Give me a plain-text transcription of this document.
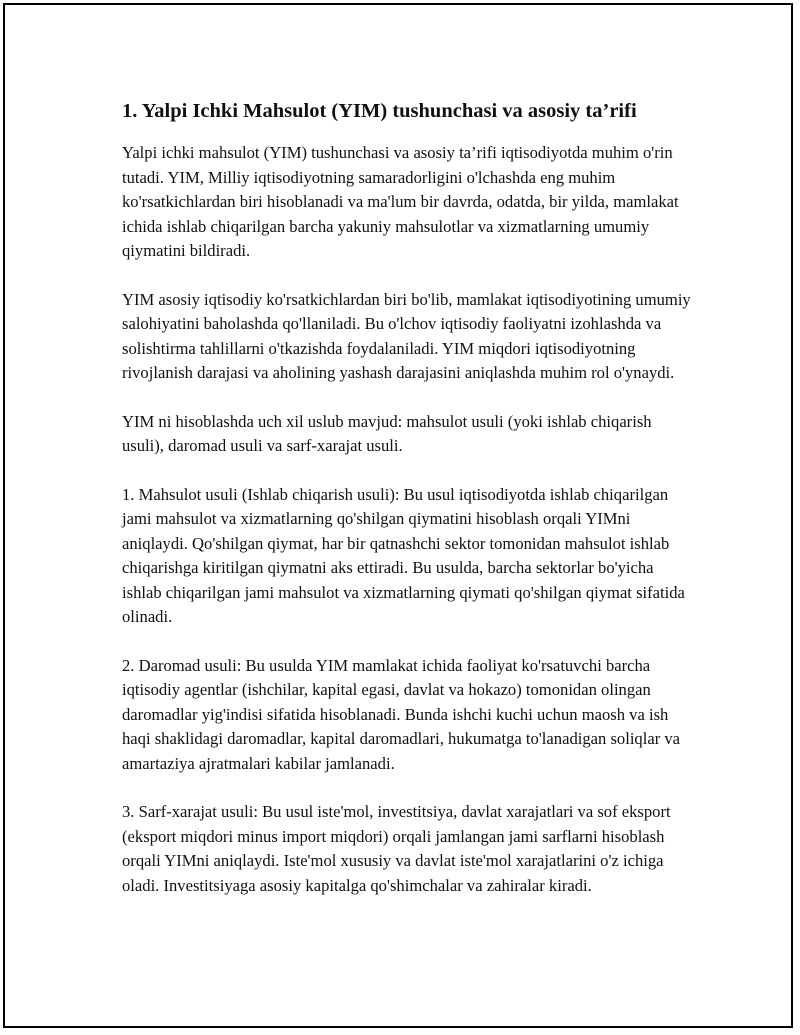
1. Yalpi Ichki Mahsulot (YIM) tushunchasi va asosiy ta’rifi

Yalpi ichki mahsulot (YIM) tushunchasi va asosiy ta’rifi iqtisodiyotda muhim o'rin tutadi. YIM, Milliy iqtisodiyotning samaradorligini o'lchashda eng muhim ko'rsatkichlardan biri hisoblanadi va ma'lum bir davrda, odatda, bir yilda, mamlakat ichida ishlab chiqarilgan barcha yakuniy mahsulotlar va xizmatlarning umumiy qiymatini bildiradi.

YIM asosiy iqtisodiy ko'rsatkichlardan biri bo'lib, mamlakat iqtisodiyotining umumiy salohiyatini baholashda qo'llaniladi. Bu o'lchov iqtisodiy faoliyatni izohlashda va solishtirma tahlillarni o'tkazishda foydalaniladi. YIM miqdori iqtisodiyotning rivojlanish darajasi va aholining yashash darajasini aniqlashda muhim rol o'ynaydi.

YIM ni hisoblashda uch xil uslub mavjud: mahsulot usuli (yoki ishlab chiqarish usuli), daromad usuli va sarf-xarajat usuli.

1. Mahsulot usuli (Ishlab chiqarish usuli): Bu usul iqtisodiyotda ishlab chiqarilgan jami mahsulot va xizmatlarning qo'shilgan qiymatini hisoblash orqali YIMni aniqlaydi. Qo'shilgan qiymat, har bir qatnashchi sektor tomonidan mahsulot ishlab chiqarishga kiritilgan qiymatni aks ettiradi. Bu usulda, barcha sektorlar bo'yicha ishlab chiqarilgan jami mahsulot va xizmatlarning qiymati qo'shilgan qiymat sifatida olinadi.

2. Daromad usuli: Bu usulda YIM mamlakat ichida faoliyat ko'rsatuvchi barcha iqtisodiy agentlar (ishchilar, kapital egasi, davlat va hokazo) tomonidan olingan daromadlar yig'indisi sifatida hisoblanadi. Bunda ishchi kuchi uchun maosh va ish haqi shaklidagi daromadlar, kapital daromadlari, hukumatga to'lanadigan soliqlar va amartaziya ajratmalari kabilar jamlanadi.

3. Sarf-xarajat usuli: Bu usul iste'mol, investitsiya, davlat xarajatlari va sof eksport (eksport miqdori minus import miqdori) orqali jamlangan jami sarflarni hisoblash orqali YIMni aniqlaydi. Iste'mol xususiy va davlat iste'mol xarajatlarini o'z ichiga oladi. Investitsiyaga asosiy kapitalga qo'shimchalar va zahiralar kiradi.
